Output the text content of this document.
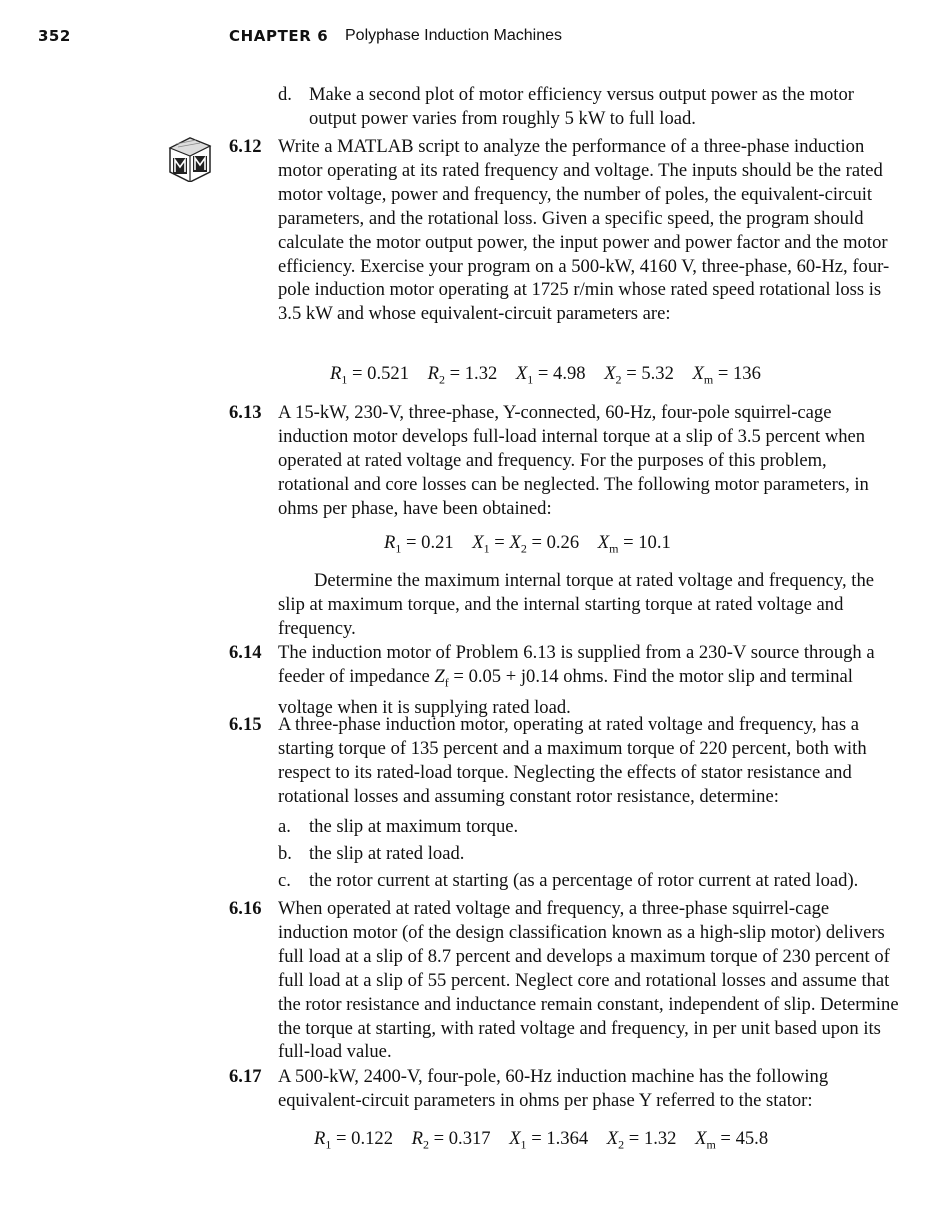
352	CHAPTER 6 Polyphase Induction Machines
d. Make a second plot of motor efficiency versus output power as the motor output power varies from roughly 5 kW to full load.
6.12 Write a MATLAB script to analyze the performance of a three-phase induction motor operating at its rated frequency and voltage. The inputs should be the rated motor voltage, power and frequency, the number of poles, the equivalent-circuit parameters, and the rotational loss. Given a specific speed, the program should calculate the motor output power, the input power and power factor and the motor efficiency. Exercise your program on a 500-kW, 4160 V, three-phase, 60-Hz, four-pole induction motor operating at 1725 r/min whose rated speed rotational loss is 3.5 kW and whose equivalent-circuit parameters are:
$R_1 = 0.521$ $R_2 = 1.32$ $X_1 = 4.98$ $X_2 = 5.32$ $X_m = 136$
6.13 A 15-kW, 230-V, three-phase, Y-connected, 60-Hz, four-pole squirrel-cage induction motor develops full-load internal torque at a slip of 3.5 percent when operated at rated voltage and frequency. For the purposes of this problem, rotational and core losses can be neglected. The following motor parameters, in ohms per phase, have been obtained:
$R_1 = 0.21$ $X_1 = X_2 = 0.26$ $X_m = 10.1$
Determine the maximum internal torque at rated voltage and frequency, the slip at maximum torque, and the internal starting torque at rated voltage and frequency.
6.14 The induction motor of Problem 6.13 is supplied from a 230-V source through a feeder of impedance $Z_f = 0.05 + j0.14$ ohms. Find the motor slip and terminal voltage when it is supplying rated load.
6.15 A three-phase induction motor, operating at rated voltage and frequency, has a starting torque of 135 percent and a maximum torque of 220 percent, both with respect to its rated-load torque. Neglecting the effects of stator resistance and rotational losses and assuming constant rotor resistance, determine:
a. the slip at maximum torque.
b. the slip at rated load.
c. the rotor current at starting (as a percentage of rotor current at rated load).
6.16 When operated at rated voltage and frequency, a three-phase squirrel-cage induction motor (of the design classification known as a high-slip motor) delivers full load at a slip of 8.7 percent and develops a maximum torque of 230 percent of full load at a slip of 55 percent. Neglect core and rotational losses and assume that the rotor resistance and inductance remain constant, independent of slip. Determine the torque at starting, with rated voltage and frequency, in per unit based upon its full-load value.
6.17 A 500-kW, 2400-V, four-pole, 60-Hz induction machine has the following equivalent-circuit parameters in ohms per phase Y referred to the stator:
$R_1 = 0.122$ $R_2 = 0.317$ $X_1 = 1.364$ $X_2 = 1.32$ $X_m = 45.8$
